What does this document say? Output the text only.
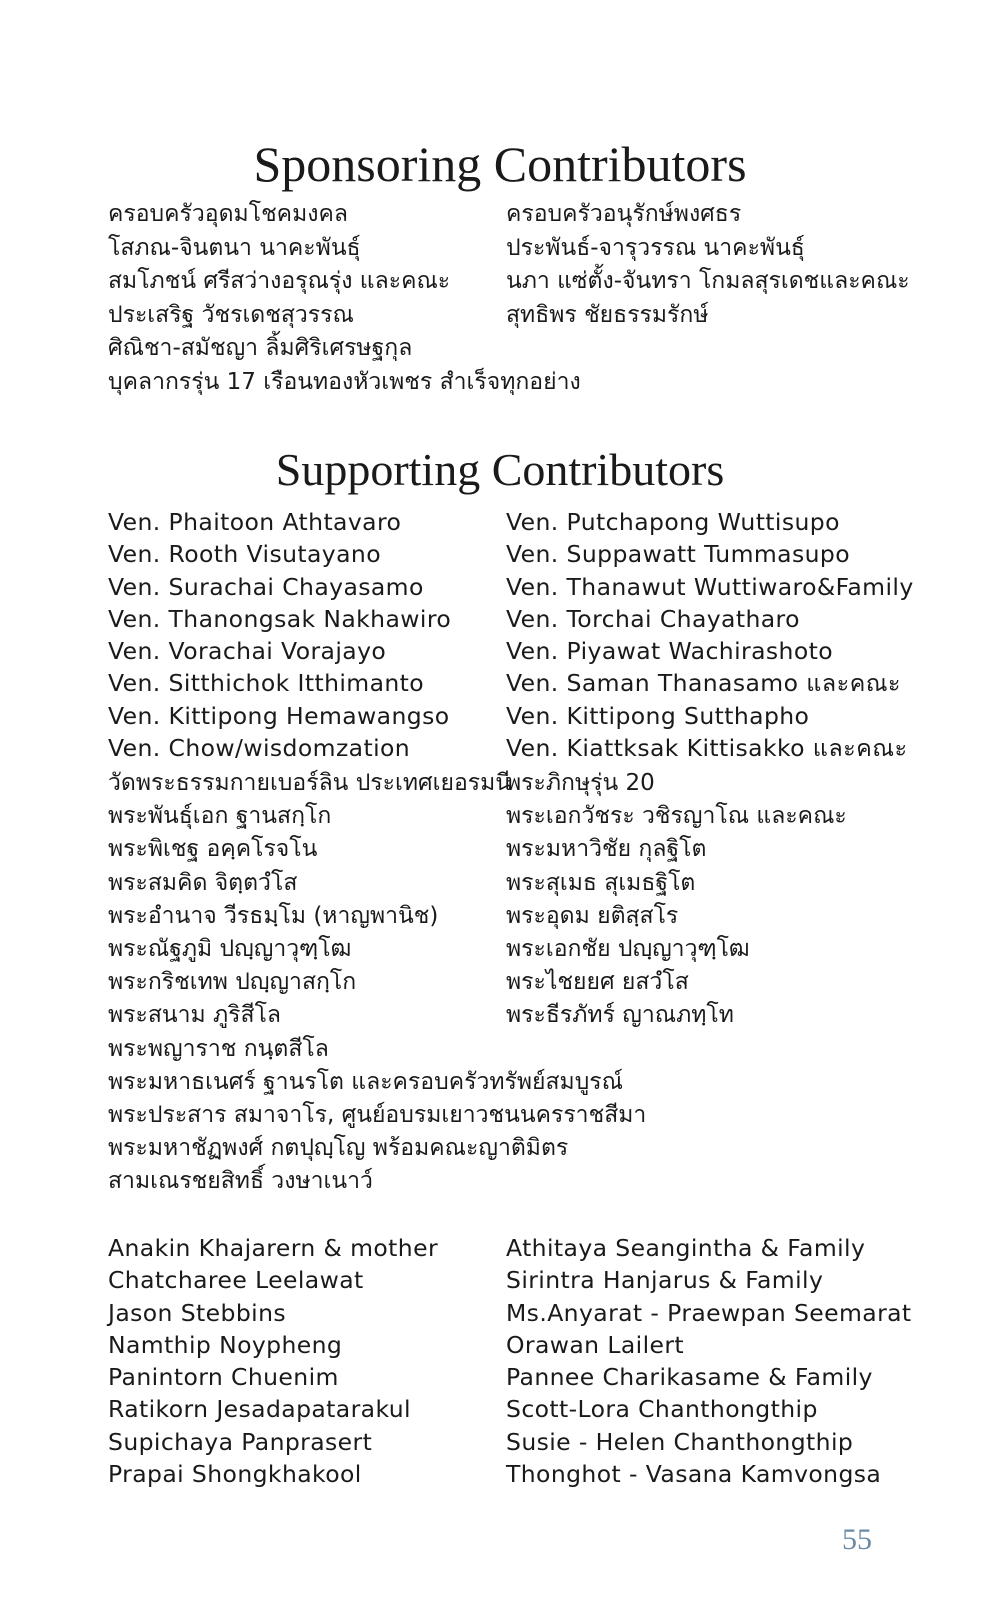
Sponsoring Contributors
ครอบครัวอุดมโชคมงคล
โสภณ-จินตนา นาคะพันธุ์
สมโภชน์ ศรีสว่างอรุณรุ่ง และคณะ
ประเสริฐ วัชรเดชสุวรรณ
ศิณิชา-สมัชญา ลิ้มศิริเศรษฐกุล
บุคลากรรุ่น 17 เรือนทองหัวเพชร สำเร็จทุกอย่าง
ครอบครัวอนุรักษ์พงศธร
ประพันธ์-จารุวรรณ นาคะพันธุ์
นภา แซ่ตั้ง-จันทรา โกมลสุรเดชและคณะ
สุทธิพร ชัยธรรมรักษ์
Supporting Contributors
Ven. Phaitoon Athtavaro
Ven. Rooth Visutayano
Ven. Surachai Chayasamo
Ven. Thanongsak Nakhawiro
Ven. Vorachai Vorajayo
Ven. Sitthichok Itthimanto
Ven. Kittipong Hemawangso
Ven. Chow/wisdomzation
Ven. Putchapong Wuttisupo
Ven. Suppawatt Tummasupo
Ven. Thanawut Wuttiwaro&Family
Ven. Torchai Chayatharo
Ven. Piyawat Wachirashoto
Ven. Saman Thanasamo และคณะ
Ven. Kittipong Sutthapho
Ven. Kiattksak Kittisakko และคณะ
วัดพระธรรมกายเบอร์ลิน ประเทศเยอรมนี
พระพันธุ์เอก ฐานสกฺโก
พระพิเชฐ อคฺคโรจโน
พระสมคิด จิตฺตวํโส
พระอำนาจ วีรธมฺโม (หาญพานิช)
พระณัฐภูมิ ปญฺญาวุฑฺโฒ
พระกริชเทพ ปญฺญาสกฺโก
พระสนาม ภูริสีโล
พระพญาราช กนฺตสีโล
พระมหาธเนศร์ ฐานรโต และครอบครัวทรัพย์สมบูรณ์
พระประสาร สมาจาโร, ศูนย์อบรมเยาวชนนครราชสีมา
พระมหาชัฏพงศ์ กตปุญฺโญ พร้อมคณะญาติมิตร
สามเณรชยสิทธิ์ วงษาเนาว์
พระภิกษุรุ่น 20
พระเอกวัชระ วชิรญาโณ และคณะ
พระมหาวิชัย กุลฐิโต
พระสุเมธ สุเมธฐิโต
พระอุดม ยติสฺสโร
พระเอกชัย ปญฺญาวุฑฺโฒ
พระไชยยศ ยสวํโส
พระธีรภัทร์ ญาณภทฺโท
Anakin Khajarern & mother
Chatcharee Leelawat
Jason Stebbins
Namthip Noypheng
Panintorn Chuenim
Ratikorn Jesadapatarakul
Supichaya Panprasert
Prapai Shongkhakool
Athitaya Seangintha & Family
Sirintra Hanjarus & Family
Ms.Anyarat - Praewpan Seemarat
Orawan Lailert
Pannee Charikasame & Family
Scott-Lora Chanthongthip
Susie - Helen Chanthongthip
Thonghot - Vasana Kamvongsa
55
